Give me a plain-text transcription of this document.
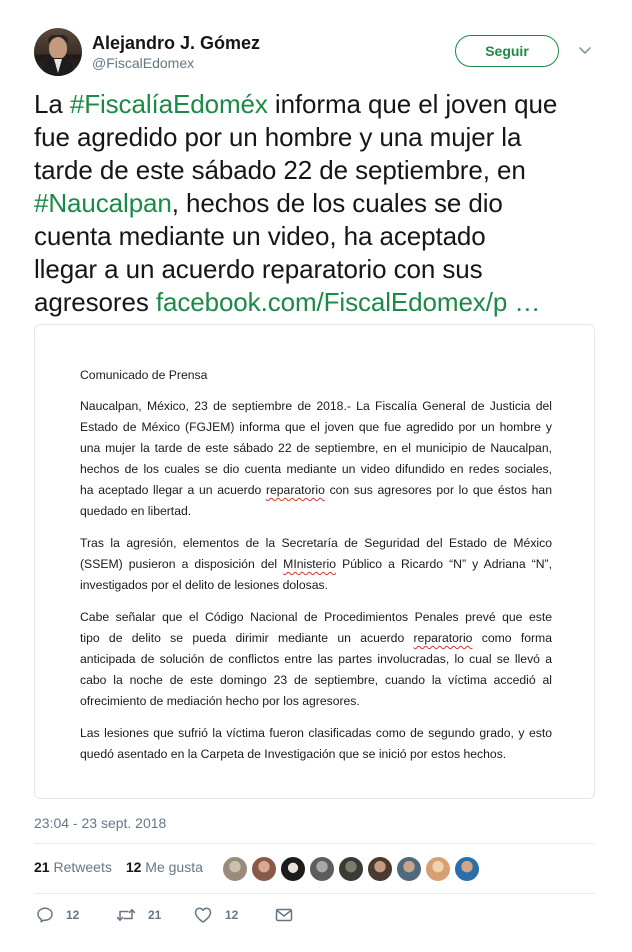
Alejandro J. Gómez
@FiscalEdomex
Seguir

La #FiscalíaEdoméx informa que el joven que

fue agredido por un hombre y una mujer la

tarde de este sábado 22 de septiembre, en

#Naucalpan, hechos de los cuales se dio

cuenta mediante un video, ha aceptado

llegar a un acuerdo reparatorio con sus

agresores facebook.com/FiscalEdomex/p …

Comunicado de Prensa

Naucalpan, México, 23 de septiembre de 2018.- La Fiscalía General de Justicia del
Estado de México (FGJEM) informa que el joven que fue agredido por un hombre y
una mujer la tarde de este sábado 22 de septiembre, en el municipio de Naucalpan,
hechos de los cuales se dio cuenta mediante un video difundido en redes sociales,
ha aceptado llegar a un acuerdo reparatorio con sus agresores por lo que éstos han
quedado en libertad.
Tras la agresión, elementos de la Secretaría de Seguridad del Estado de México
(SSEM) pusieron a disposición del MInisterio Público a Ricardo “N” y Adriana “N”,
investigados por el delito de lesiones dolosas.
Cabe señalar que el Código Nacional de Procedimientos Penales prevé que este
tipo de delito se pueda dirimir mediante un acuerdo reparatorio como forma
anticipada de solución de conflictos entre las partes involucradas, lo cual se llevó a
cabo la noche de este domingo 23 de septiembre, cuando la víctima accedió al
ofrecimiento de mediación hecho por los agresores.
Las lesiones que sufrió la víctima fueron clasificadas como de segundo grado, y esto
quedó asentado en la Carpeta de Investigación que se inició por estos hechos.
23:04 - 23 sept. 2018
21 Retweets 12 Me gusta
12	21	12
